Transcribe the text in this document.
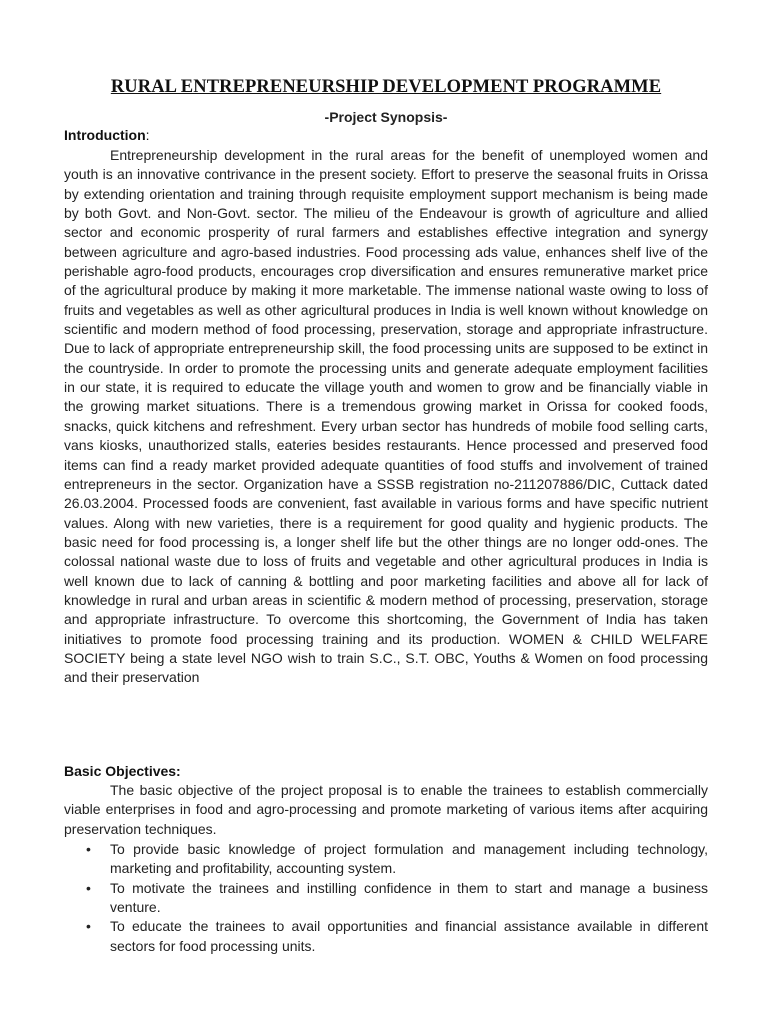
RURAL ENTREPRENEURSHIP DEVELOPMENT PROGRAMME
-Project Synopsis-
Introduction:

Entrepreneurship development in the rural areas for the benefit of unemployed women and youth is an innovative contrivance in the present society. Effort to preserve the seasonal fruits in Orissa by extending orientation and training through requisite employment support mechanism is being made by both Govt. and Non-Govt. sector. The milieu of the Endeavour is growth of agriculture and allied sector and economic prosperity of rural farmers and establishes effective integration and synergy between agriculture and agro-based industries. Food processing ads value, enhances shelf live of the perishable agro-food products, encourages crop diversification and ensures remunerative market price of the agricultural produce by making it more marketable. The immense national waste owing to loss of fruits and vegetables as well as other agricultural produces in India is well known without knowledge on scientific and modern method of food processing, preservation, storage and appropriate infrastructure. Due to lack of appropriate entrepreneurship skill, the food processing units are supposed to be extinct in the countryside. In order to promote the processing units and generate adequate employment facilities in our state, it is required to educate the village youth and women to grow and be financially viable in the growing market situations. There is a tremendous growing market in Orissa for cooked foods, snacks, quick kitchens and refreshment. Every urban sector has hundreds of mobile food selling carts, vans kiosks, unauthorized stalls, eateries besides restaurants. Hence processed and preserved food items can find a ready market provided adequate quantities of food stuffs and involvement of trained entrepreneurs in the sector. Organization have a SSSB registration no-211207886/DIC, Cuttack dated 26.03.2004. Processed foods are convenient, fast available in various forms and have specific nutrient values. Along with new varieties, there is a requirement for good quality and hygienic products. The basic need for food processing is, a longer shelf life but the other things are no longer odd-ones. The colossal national waste due to loss of fruits and vegetable and other agricultural produces in India is well known due to lack of canning & bottling and poor marketing facilities and above all for lack of knowledge in rural and urban areas in scientific & modern method of processing, preservation, storage and appropriate infrastructure. To overcome this shortcoming, the Government of India has taken initiatives to promote food processing training and its production. WOMEN & CHILD WELFARE SOCIETY being a state level NGO wish to train S.C., S.T. OBC, Youths & Women on food processing and their preservation

Basic Objectives:

The basic objective of the project proposal is to enable the trainees to establish commercially viable enterprises in food and agro-processing and promote marketing of various items after acquiring preservation techniques.

• To provide basic knowledge of project formulation and management including technology, marketing and profitability, accounting system.
• To motivate the trainees and instilling confidence in them to start and manage a business venture.
• To educate the trainees to avail opportunities and financial assistance available in different sectors for food processing units.
